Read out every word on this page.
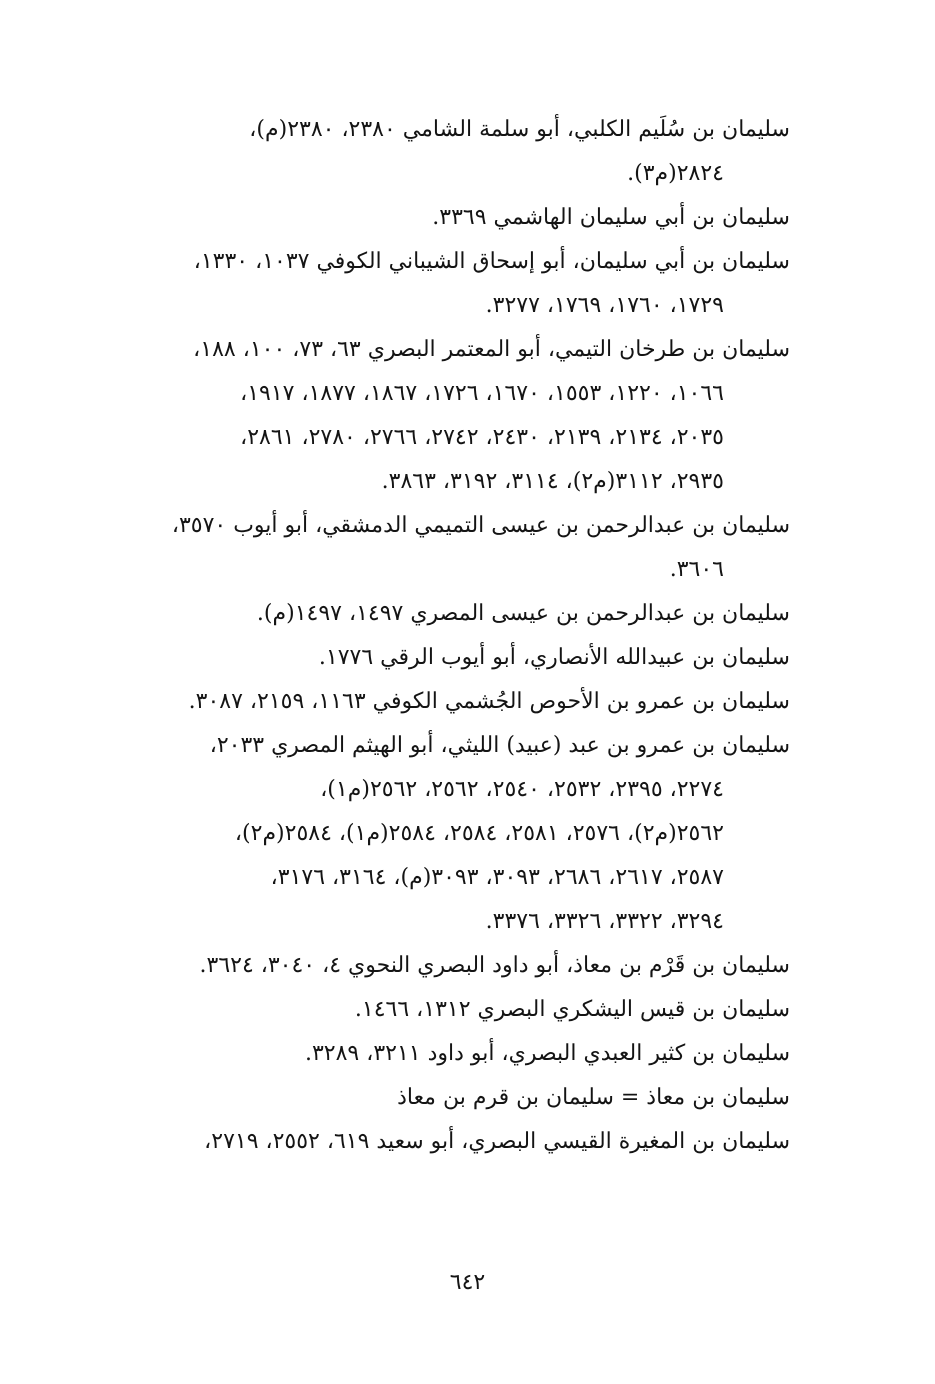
سليمان بن سُلَيم الكلبي، أبو سلمة الشامي ٢٣٨٠، ٢٣٨٠(م)،
٢٨٢٤(م٣).
سليمان بن أبي سليمان الهاشمي ٣٣٦٩.
سليمان بن أبي سليمان، أبو إسحاق الشيباني الكوفي ١٠٣٧، ١٣٣٠،
١٧٢٩، ١٧٦٠، ١٧٦٩، ٣٢٧٧.
سليمان بن طرخان التيمي، أبو المعتمر البصري ٦٣، ٧٣، ١٠٠، ١٨٨،
١٠٦٦، ١٢٢٠، ١٥٥٣، ١٦٧٠، ١٧٢٦، ١٨٦٧، ١٨٧٧، ١٩١٧،
٢٠٣٥، ٢١٣٤، ٢١٣٩، ٢٤٣٠، ٢٧٤٢، ٢٧٦٦، ٢٧٨٠، ٢٨٦١،
٢٩٣٥، ٣١١٢(م٢)، ٣١١٤، ٣١٩٢، ٣٨٦٣.
سليمان بن عبدالرحمن بن عيسى التميمي الدمشقي، أبو أيوب ٣٥٧٠،
٣٦٠٦.
سليمان بن عبدالرحمن بن عيسى المصري ١٤٩٧، ١٤٩٧(م).
سليمان بن عبيدالله الأنصاري، أبو أيوب الرقي ١٧٧٦.
سليمان بن عمرو بن الأحوص الجُشمي الكوفي ١١٦٣، ٢١٥٩، ٣٠٨٧.
سليمان بن عمرو بن عبد (عبيد) الليثي، أبو الهيثم المصري ٢٠٣٣،
٢٢٧٤، ٢٣٩٥، ٢٥٣٢، ٢٥٤٠، ٢٥٦٢، ٢٥٦٢(م١)،
٢٥٦٢(م٢)، ٢٥٧٦، ٢٥٨١، ٢٥٨٤، ٢٥٨٤(م١)، ٢٥٨٤(م٢)،
٢٥٨٧، ٢٦١٧، ٢٦٨٦، ٣٠٩٣، ٣٠٩٣(م)، ٣١٦٤، ٣١٧٦،
٣٢٩٤، ٣٣٢٢، ٣٣٢٦، ٣٣٧٦.
سليمان بن قَرْم بن معاذ، أبو داود البصري النحوي ٤، ٣٠٤٠، ٣٦٢٤.
سليمان بن قيس اليشكري البصري ١٣١٢، ١٤٦٦.
سليمان بن كثير العبدي البصري، أبو داود ٣٢١١، ٣٢٨٩.
سليمان بن معاذ = سليمان بن قرم بن معاذ
سليمان بن المغيرة القيسي البصري، أبو سعيد ٦١٩، ٢٥٥٢، ٢٧١٩،
٦٤٢
